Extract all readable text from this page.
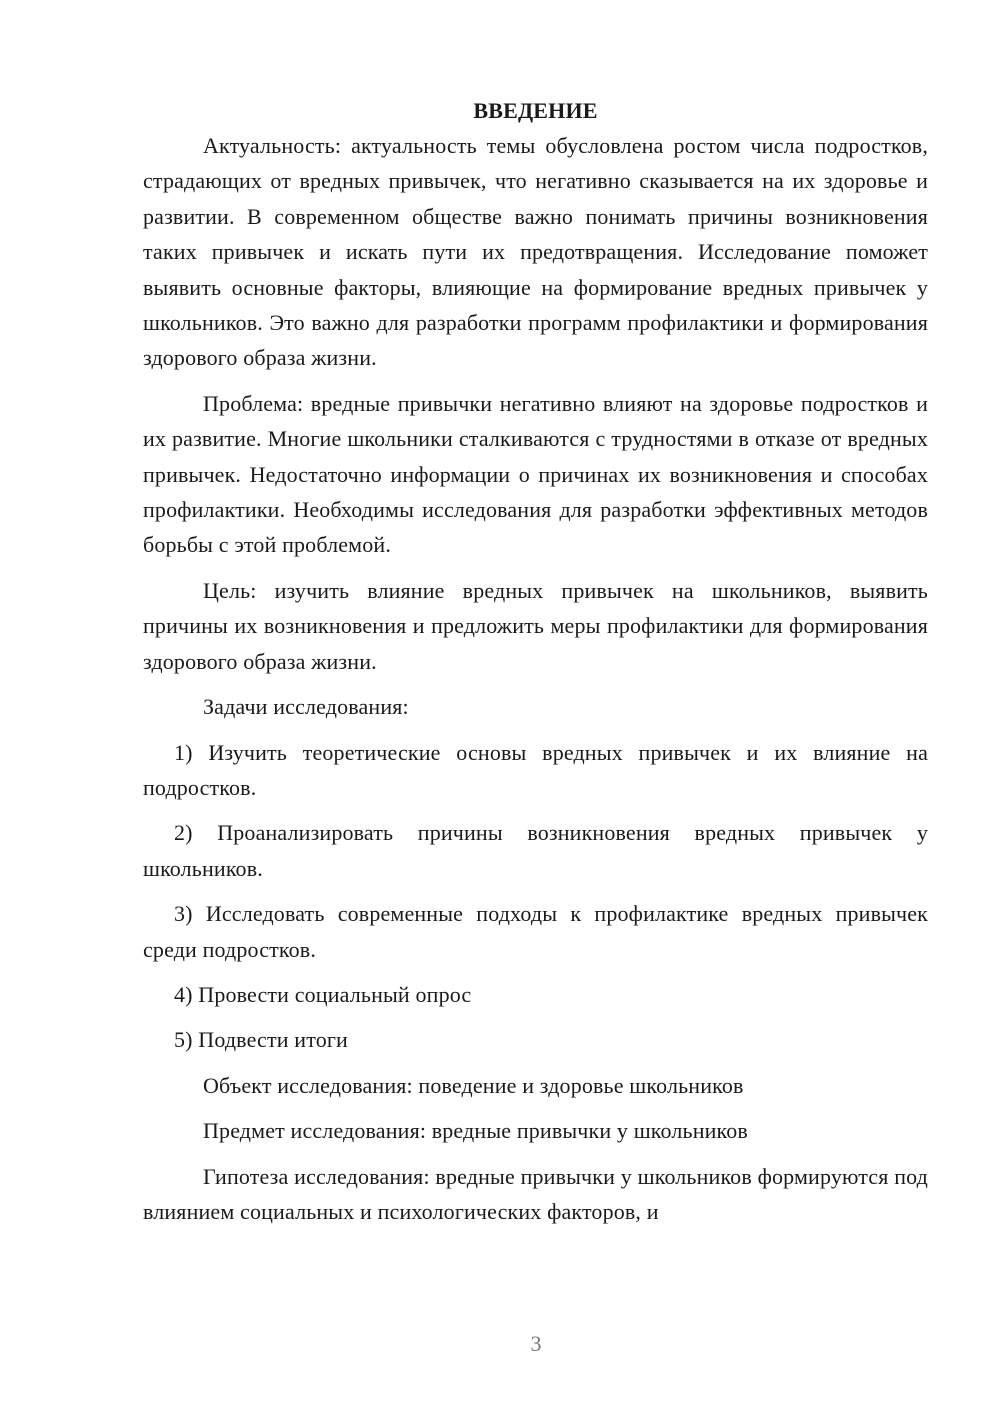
ВВЕДЕНИЕ

Актуальность: актуальность темы обусловлена ростом числа подростков, страдающих от вредных привычек, что негативно сказывается на их здоровье и развитии. В современном обществе важно понимать причины возникновения таких привычек и искать пути их предотвращения. Исследование поможет выявить основные факторы, влияющие на формирование вредных привычек у школьников. Это важно для разработки программ профилактики и формирования здорового образа жизни.

Проблема: вредные привычки негативно влияют на здоровье подростков и их развитие. Многие школьники сталкиваются с трудностями в отказе от вредных привычек. Недостаточно информации о причинах их возникновения и способах профилактики. Необходимы исследования для разработки эффективных методов борьбы с этой проблемой.

Цель: изучить влияние вредных привычек на школьников, выявить причины их возникновения и предложить меры профилактики для формирования здорового образа жизни.

Задачи исследования:

1) Изучить теоретические основы вредных привычек и их влияние на подростков.

2) Проанализировать причины возникновения вредных привычек у школьников.

3) Исследовать современные подходы к профилактике вредных привычек среди подростков.

4) Провести социальный опрос

5) Подвести итоги

Объект исследования: поведение и здоровье школьников

Предмет исследования: вредные привычки у школьников

Гипотеза исследования: вредные привычки у школьников формируются под влиянием социальных и психологических факторов, и

3
